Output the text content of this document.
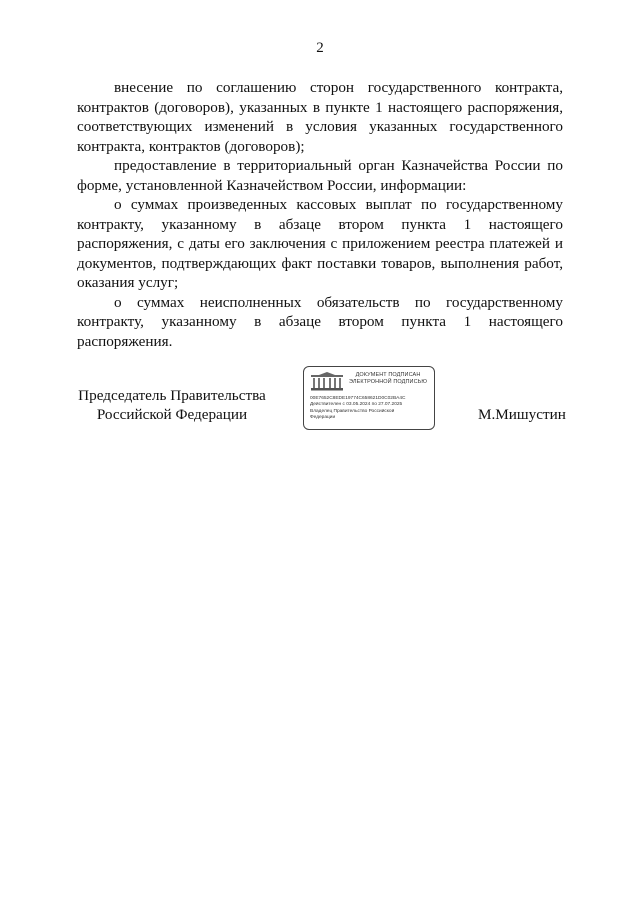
2

внесение по соглашению сторон государственного контракта, контрактов (договоров), указанных в пункте 1 настоящего распоряжения, соответствующих изменений в условия указанных государственного контракта, контрактов (договоров);

предоставление в территориальный орган Казначейства России по форме, установленной Казначейством России, информации:

о суммах произведенных кассовых выплат по государственному контракту, указанному в абзаце втором пункта 1 настоящего распоряжения, с даты его заключения с приложением реестра платежей и документов, подтверждающих факт поставки товаров, выполнения работ, оказания услуг;

о суммах неисполненных обязательств по государственному контракту, указанному в абзаце втором пункта 1 настоящего распоряжения.

Председатель Правительства
Российской Федерации
ДОКУМЕНТ ПОДПИСАН
ЭЛЕКТРОННОЙ ПОДПИСЬЮ
00E7652C8EDE19774C658621D0C02BA4C
Действителен с 03.05.2024 по 27.07.2025
Владелец Правительство Российской
Федерации	М.Мишустин
